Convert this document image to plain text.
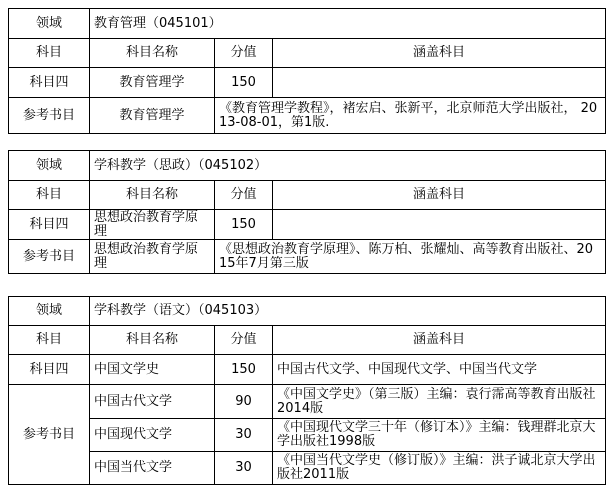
领域	教育管理（045101）		
科目	科目名称	分值	涵盖科目
科目四	教育管理学	150	
参考书目	教育管理学	《教育管理学教程》，褚宏启、张新平，北京师范大学出版社， 2013-08-01，第1版.	
领域	学科教学（思政）（045102）		
科目	科目名称	分值	涵盖科目
科目四	思想政治教育学原理	150	
参考书目	思想政治教育学原理	《思想政治教育学原理》、陈万柏、张耀灿、高等教育出版社、2015年7月第三版	
领域	学科教学（语文）（045103）		
科目	科目名称	分值	涵盖科目
科目四	中国文学史	150	中国古代文学、中国现代文学、中国当代文学
参考书目	中国古代文学	90	《中国文学史》（第三版）主编：袁行霈高等教育出版社2014版
	中国现代文学	30	《中国现代文学三十年（修订本）》主编：钱理群北京大学出版社1998版
	中国当代文学	30	《中国当代文学史（修订版）》主编：洪子诚北京大学出版社2011版
